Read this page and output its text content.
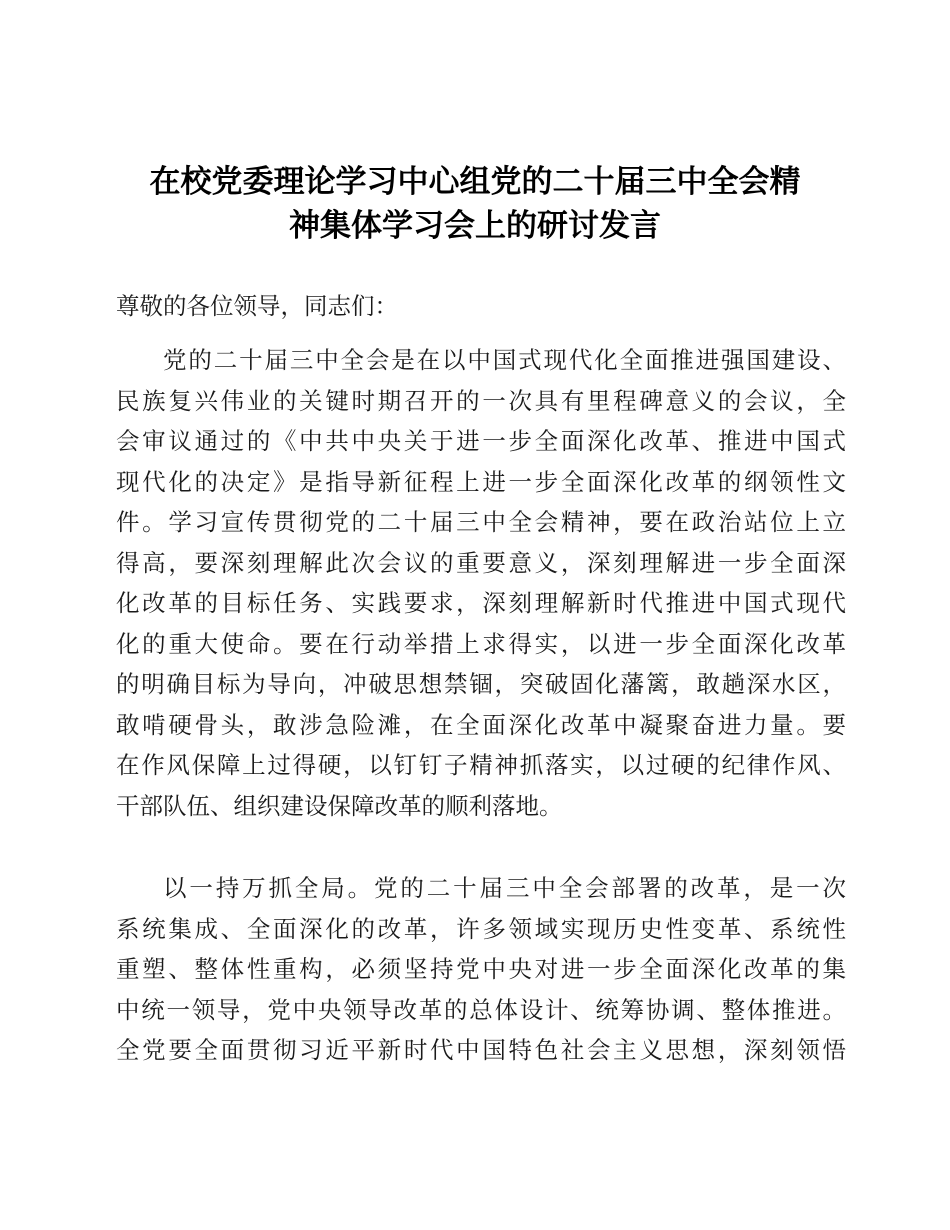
在校党委理论学习中心组党的二十届三中全会精
神集体学习会上的研讨发言

尊敬的各位领导，同志们：

党的二十届三中全会是在以中国式现代化全面推进强国建设、
民族复兴伟业的关键时期召开的一次具有里程碑意义的会议，全
会审议通过的《中共中央关于进一步全面深化改革、推进中国式
现代化的决定》是指导新征程上进一步全面深化改革的纲领性文
件。学习宣传贯彻党的二十届三中全会精神，要在政治站位上立
得高，要深刻理解此次会议的重要意义，深刻理解进一步全面深
化改革的目标任务、实践要求，深刻理解新时代推进中国式现代
化的重大使命。要在行动举措上求得实，以进一步全面深化改革
的明确目标为导向，冲破思想禁锢，突破固化藩篱，敢趟深水区，
敢啃硬骨头，敢涉急险滩，在全面深化改革中凝聚奋进力量。要
在作风保障上过得硬，以钉钉子精神抓落实，以过硬的纪律作风、
干部队伍、组织建设保障改革的顺利落地。

以一持万抓全局。党的二十届三中全会部署的改革，是一次
系统集成、全面深化的改革，许多领域实现历史性变革、系统性
重塑、整体性重构，必须坚持党中央对进一步全面深化改革的集
中统一领导，党中央领导改革的总体设计、统筹协调、整体推进。
全党要全面贯彻习近平新时代中国特色社会主义思想，深刻领悟
